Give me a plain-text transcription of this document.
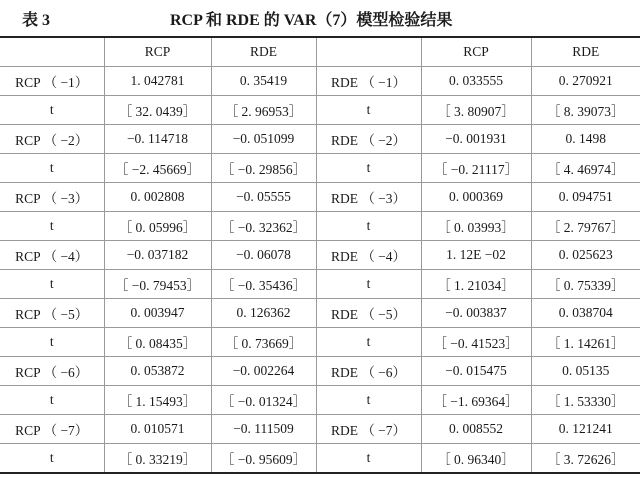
表 3	RCP 和 RDE 的 VAR（7）模型检验结果
	RCP	RDE		RCP	RDE
RCP （ −1）	1. 042781	0. 35419	RDE （ −1）	0. 033555	0. 270921
t	［ 32. 0439］	［ 2. 96953］	t	［ 3. 80907］	［ 8. 39073］
RCP （ −2）	−0. 114718	−0. 051099	RDE （ −2）	−0. 001931	0. 1498
t	［ −2. 45669］	［ −0. 29856］	t	［ −0. 21117］	［ 4. 46974］
RCP （ −3）	0. 002808	−0. 05555	RDE （ −3）	0. 000369	0. 094751
t	［ 0. 05996］	［ −0. 32362］	t	［ 0. 03993］	［ 2. 79767］
RCP （ −4）	−0. 037182	−0. 06078	RDE （ −4）	1. 12E −02	0. 025623
t	［ −0. 79453］	［ −0. 35436］	t	［ 1. 21034］	［ 0. 75339］
RCP （ −5）	0. 003947	0. 126362	RDE （ −5）	−0. 003837	0. 038704
t	［ 0. 08435］	［ 0. 73669］	t	［ −0. 41523］	［ 1. 14261］
RCP （ −6）	0. 053872	−0. 002264	RDE （ −6）	−0. 015475	0. 05135
t	［ 1. 15493］	［ −0. 01324］	t	［ −1. 69364］	［ 1. 53330］
RCP （ −7）	0. 010571	−0. 111509	RDE （ −7）	0. 008552	0. 121241
t	［ 0. 33219］	［ −0. 95609］	t	［ 0. 96340］	［ 3. 72626］
